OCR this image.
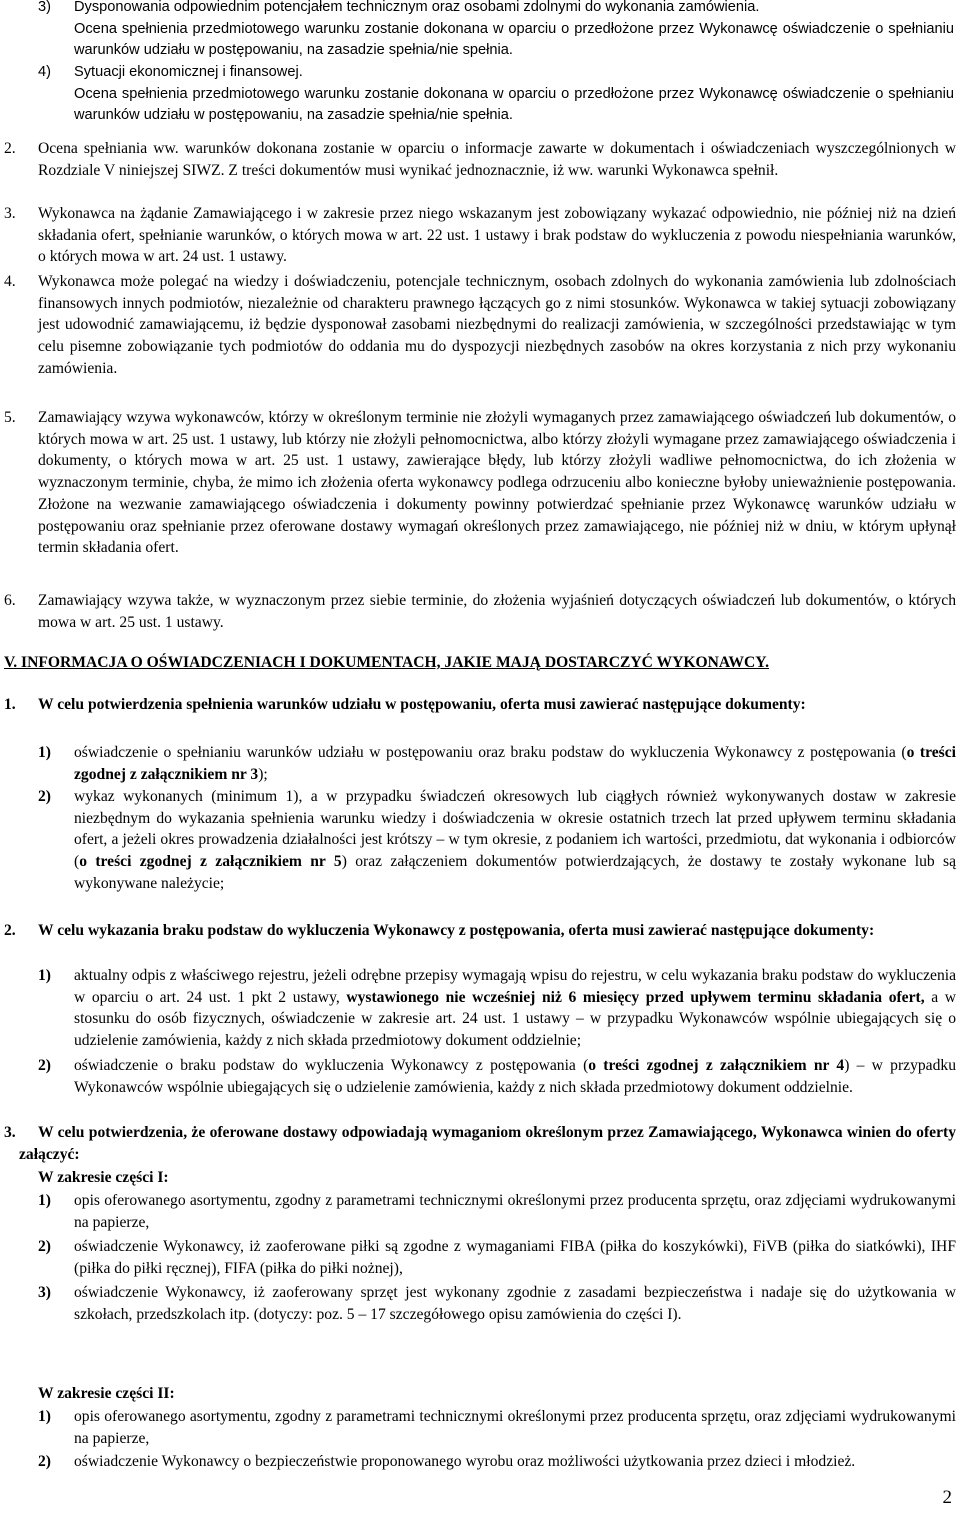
3) Dysponowania odpowiednim potencjałem technicznym oraz osobami zdolnymi do wykonania zamówienia.

Ocena spełnienia przedmiotowego warunku zostanie dokonana w oparciu o przedłożone przez Wykonawcę oświadczenie o spełnianiu warunków udziału w postępowaniu, na zasadzie spełnia/nie spełnia.

4) Sytuacji ekonomicznej i finansowej.

Ocena spełnienia przedmiotowego warunku zostanie dokonana w oparciu o przedłożone przez Wykonawcę oświadczenie o spełnianiu warunków udziału w postępowaniu, na zasadzie spełnia/nie spełnia.

2. Ocena spełniania ww. warunków dokonana zostanie w oparciu o informacje zawarte w dokumentach i oświadczeniach wyszczególnionych w Rozdziale V niniejszej SIWZ. Z treści dokumentów musi wynikać jednoznacznie, iż ww. warunki Wykonawca spełnił.

3. Wykonawca na żądanie Zamawiającego i w zakresie przez niego wskazanym jest zobowiązany wykazać odpowiednio, nie później niż na dzień składania ofert, spełnianie warunków, o których mowa w art. 22 ust. 1 ustawy i brak podstaw do wykluczenia z powodu niespełniania warunków, o których mowa w art. 24 ust. 1 ustawy.

4. Wykonawca może polegać na wiedzy i doświadczeniu, potencjale technicznym, osobach zdolnych do wykonania zamówienia lub zdolnościach finansowych innych podmiotów, niezależnie od charakteru prawnego łączących go z nimi stosunków. Wykonawca w takiej sytuacji zobowiązany jest udowodnić zamawiającemu, iż będzie dysponował zasobami niezbędnymi do realizacji zamówienia, w szczególności przedstawiając w tym celu pisemne zobowiązanie tych podmiotów do oddania mu do dyspozycji niezbędnych zasobów na okres korzystania z nich przy wykonaniu zamówienia.

5. Zamawiający wzywa wykonawców, którzy w określonym terminie nie złożyli wymaganych przez zamawiającego oświadczeń lub dokumentów, o których mowa w art. 25 ust. 1 ustawy, lub którzy nie złożyli pełnomocnictwa, albo którzy złożyli wymagane przez zamawiającego oświadczenia i dokumenty, o których mowa w art. 25 ust. 1 ustawy, zawierające błędy, lub którzy złożyli wadliwe pełnomocnictwa, do ich złożenia w wyznaczonym terminie, chyba, że mimo ich złożenia oferta wykonawcy podlega odrzuceniu albo konieczne byłoby unieważnienie postępowania. Złożone na wezwanie zamawiającego oświadczenia i dokumenty powinny potwierdzać spełnianie przez Wykonawcę warunków udziału w postępowaniu oraz spełnianie przez oferowane dostawy wymagań określonych przez zamawiającego, nie później niż w dniu, w którym upłynął termin składania ofert.

6. Zamawiający wzywa także, w wyznaczonym przez siebie terminie, do złożenia wyjaśnień dotyczących oświadczeń lub dokumentów, o których mowa w art. 25 ust. 1 ustawy.

V. INFORMACJA O OŚWIADCZENIACH I DOKUMENTACH, JAKIE MAJĄ DOSTARCZYĆ WYKONAWCY.
1.	W celu potwierdzenia spełnienia warunków udziału w postępowaniu, oferta musi zawierać następujące dokumenty:
1) oświadczenie o spełnianiu warunków udziału w postępowaniu oraz braku podstaw do wykluczenia Wykonawcy z postępowania (o treści zgodnej z załącznikiem nr 3);
2) wykaz wykonanych (minimum 1), a w przypadku świadczeń okresowych lub ciągłych również wykonywanych dostaw w zakresie niezbędnym do wykazania spełnienia warunku wiedzy i doświadczenia w okresie ostatnich trzech lat przed upływem terminu składania ofert, a jeżeli okres prowadzenia działalności jest krótszy – w tym okresie, z podaniem ich wartości, przedmiotu, dat wykonania i odbiorców (o treści zgodnej z załącznikiem nr 5) oraz załączeniem dokumentów potwierdzających, że dostawy te zostały wykonane lub są wykonywane należycie;
2.	W celu wykazania braku podstaw do wykluczenia Wykonawcy z postępowania, oferta musi zawierać następujące dokumenty:
1) aktualny odpis z właściwego rejestru, jeżeli odrębne przepisy wymagają wpisu do rejestru, w celu wykazania braku podstaw do wykluczenia w oparciu o art. 24 ust. 1 pkt 2 ustawy, wystawionego nie wcześniej niż 6 miesięcy przed upływem terminu składania ofert, a w stosunku do osób fizycznych, oświadczenie w zakresie art. 24 ust. 1 ustawy – w przypadku Wykonawców wspólnie ubiegających się o udzielenie zamówienia, każdy z nich składa przedmiotowy dokument oddzielnie;
2) oświadczenie o braku podstaw do wykluczenia Wykonawcy z postępowania (o treści zgodnej z załącznikiem nr 4) – w przypadku Wykonawców wspólnie ubiegających się o udzielenie zamówienia, każdy z nich składa przedmiotowy dokument oddzielnie.
3.	W celu potwierdzenia, że oferowane dostawy odpowiadają wymaganiom określonym przez Zamawiającego, Wykonawca winien do oferty załączyć:
W zakresie części I:
1) opis oferowanego asortymentu, zgodny z parametrami technicznymi określonymi przez producenta sprzętu, oraz zdjęciami wydrukowanymi na papierze,
2) oświadczenie Wykonawcy, iż zaoferowane piłki są zgodne z wymaganiami FIBA (piłka do koszykówki), FiVB (piłka do siatkówki), IHF (piłka do piłki ręcznej), FIFA (piłka do piłki nożnej),
3) oświadczenie Wykonawcy, iż zaoferowany sprzęt jest wykonany zgodnie z zasadami bezpieczeństwa i nadaje się do użytkowania w szkołach, przedszkolach itp. (dotyczy: poz. 5 – 17 szczegółowego opisu zamówienia do części I).
W zakresie części II:
1) opis oferowanego asortymentu, zgodny z parametrami technicznymi określonymi przez producenta sprzętu, oraz zdjęciami wydrukowanymi na papierze,
2) oświadczenie Wykonawcy o bezpieczeństwie proponowanego wyrobu oraz możliwości użytkowania przez dzieci i młodzież.
2
